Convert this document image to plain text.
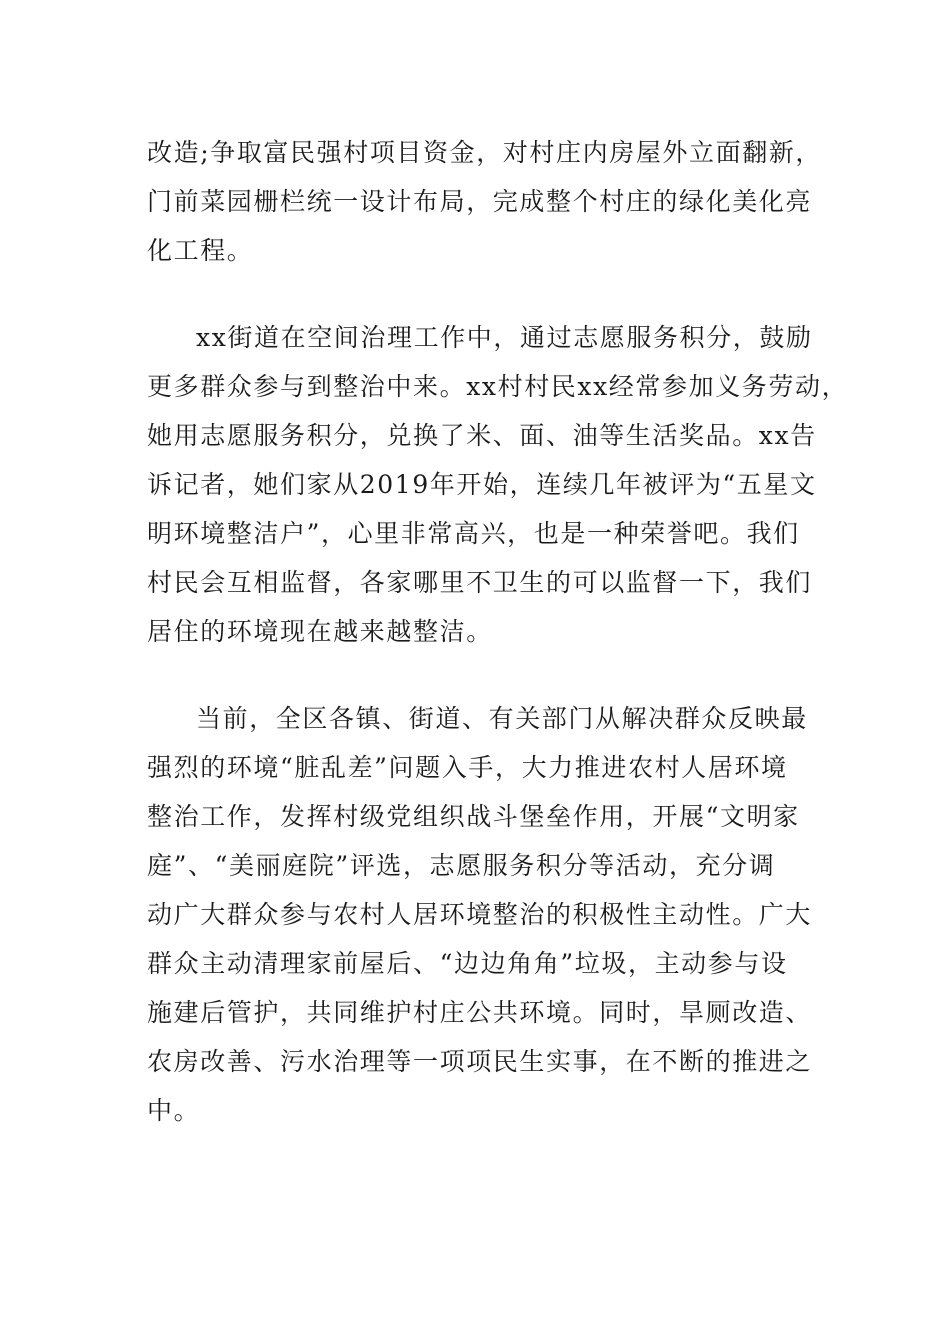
改造;争取富民强村项目资金，对村庄内房屋外立面翻新，
门前菜园栅栏统一设计布局，完成整个村庄的绿化美化亮
化工程。
xx街道在空间治理工作中，通过志愿服务积分，鼓励
更多群众参与到整治中来。xx村村民xx经常参加义务劳动，
她用志愿服务积分，兑换了米、面、油等生活奖品。xx告
诉记者，她们家从2019年开始，连续几年被评为“五星文
明环境整洁户”，心里非常高兴，也是一种荣誉吧。我们
村民会互相监督，各家哪里不卫生的可以监督一下，我们
居住的环境现在越来越整洁。
当前，全区各镇、街道、有关部门从解决群众反映最
强烈的环境“脏乱差”问题入手，大力推进农村人居环境
整治工作，发挥村级党组织战斗堡垒作用，开展“文明家
庭”、“美丽庭院”评选，志愿服务积分等活动，充分调
动广大群众参与农村人居环境整治的积极性主动性。广大
群众主动清理家前屋后、“边边角角”垃圾，主动参与设
施建后管护，共同维护村庄公共环境。同时，旱厕改造、
农房改善、污水治理等一项项民生实事，在不断的推进之
中。
